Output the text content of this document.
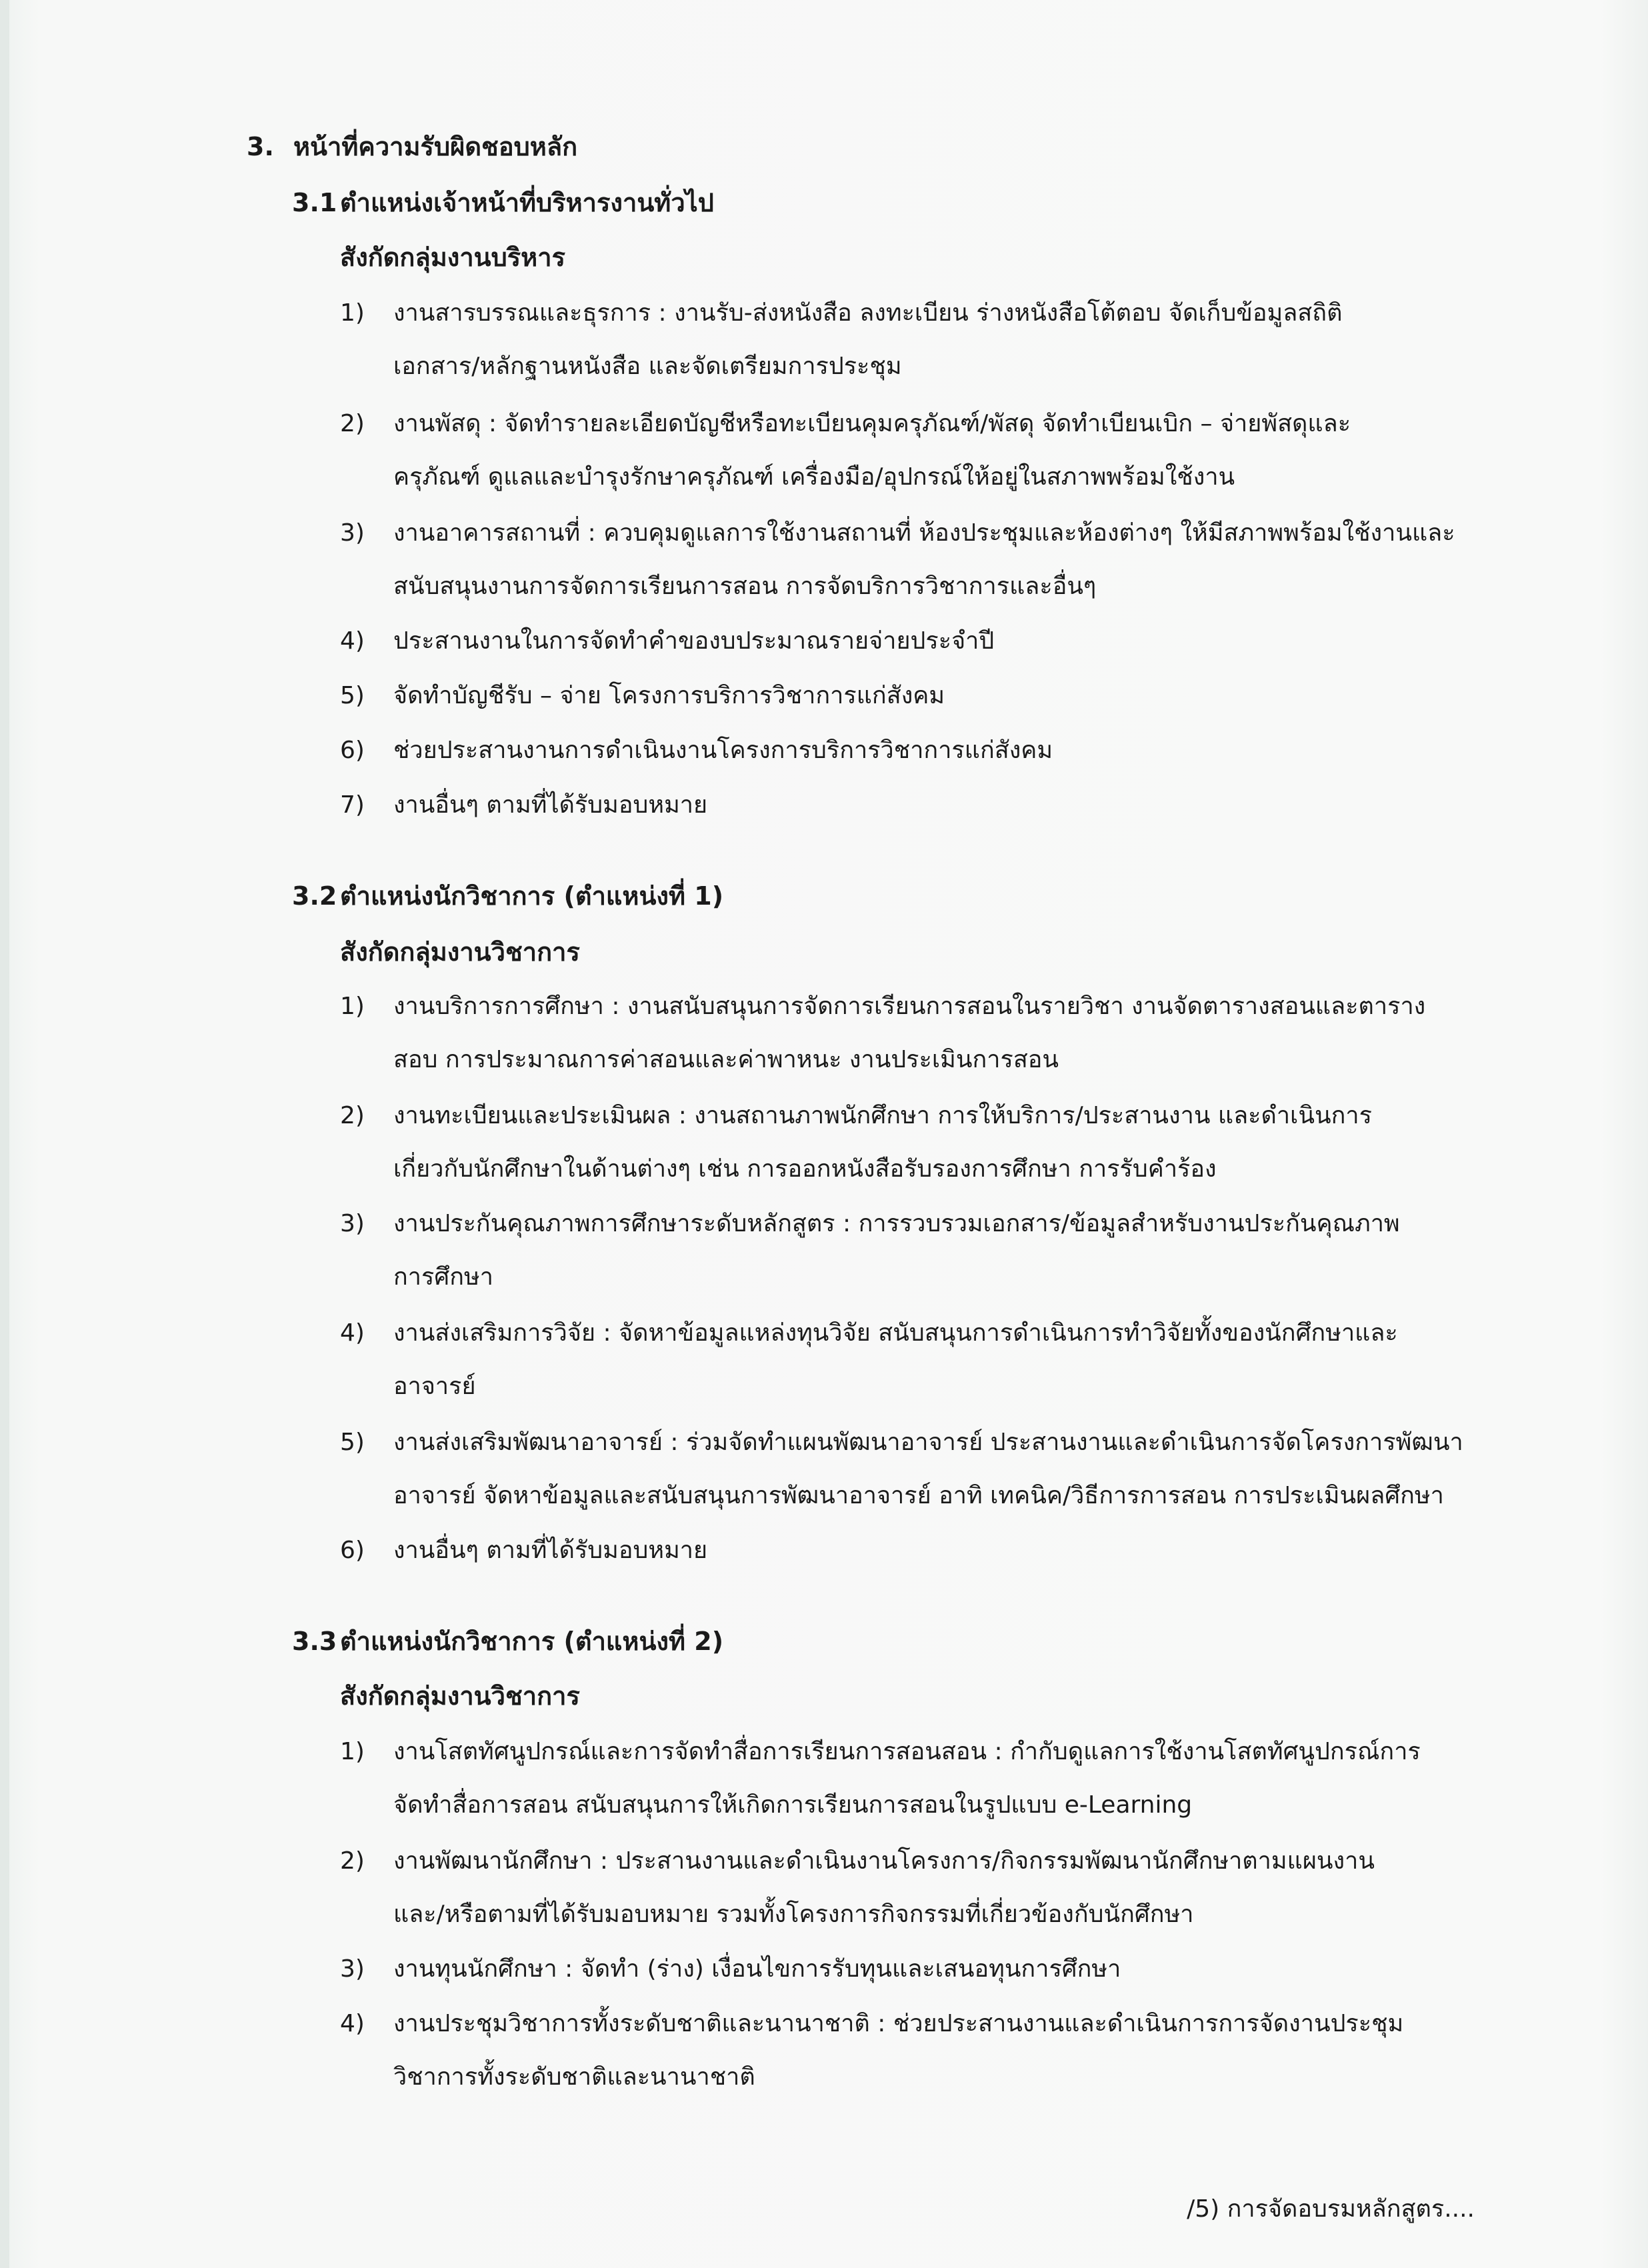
3. หน้าที่ความรับผิดชอบหลัก
3.1 ตำแหน่งเจ้าหน้าที่บริหารงานทั่วไป
สังกัดกลุ่มงานบริหาร
1)	งานสารบรรณและธุรการ : งานรับ-ส่งหนังสือ ลงทะเบียน ร่างหนังสือโต้ตอบ จัดเก็บข้อมูลสถิติ
เอกสาร/หลักฐานหนังสือ และจัดเตรียมการประชุม
2)	งานพัสดุ : จัดทำรายละเอียดบัญชีหรือทะเบียนคุมครุภัณฑ์/พัสดุ จัดทำเบียนเบิก – จ่ายพัสดุและ
ครุภัณฑ์ ดูแลและบำรุงรักษาครุภัณฑ์ เครื่องมือ/อุปกรณ์ให้อยู่ในสภาพพร้อมใช้งาน
3)	งานอาคารสถานที่ : ควบคุมดูแลการใช้งานสถานที่ ห้องประชุมและห้องต่างๆ ให้มีสภาพพร้อมใช้งานและ
สนับสนุนงานการจัดการเรียนการสอน การจัดบริการวิชาการและอื่นๆ
4)	ประสานงานในการจัดทำคำของบประมาณรายจ่ายประจำปี
5)	จัดทำบัญชีรับ – จ่าย โครงการบริการวิชาการแก่สังคม
6)	ช่วยประสานงานการดำเนินงานโครงการบริการวิชาการแก่สังคม
7)	งานอื่นๆ ตามที่ได้รับมอบหมาย
3.2 ตำแหน่งนักวิชาการ (ตำแหน่งที่ 1)
สังกัดกลุ่มงานวิชาการ
1)	งานบริการการศึกษา : งานสนับสนุนการจัดการเรียนการสอนในรายวิชา งานจัดตารางสอนและตาราง
สอบ การประมาณการค่าสอนและค่าพาหนะ งานประเมินการสอน
2)	งานทะเบียนและประเมินผล : งานสถานภาพนักศึกษา การให้บริการ/ประสานงาน และดำเนินการ
เกี่ยวกับนักศึกษาในด้านต่างๆ เช่น การออกหนังสือรับรองการศึกษา การรับคำร้อง
3)	งานประกันคุณภาพการศึกษาระดับหลักสูตร : การรวบรวมเอกสาร/ข้อมูลสำหรับงานประกันคุณภาพ
การศึกษา
4)	งานส่งเสริมการวิจัย : จัดหาข้อมูลแหล่งทุนวิจัย สนับสนุนการดำเนินการทำวิจัยทั้งของนักศึกษาและ
อาจารย์
5)	งานส่งเสริมพัฒนาอาจารย์ : ร่วมจัดทำแผนพัฒนาอาจารย์ ประสานงานและดำเนินการจัดโครงการพัฒนา
อาจารย์ จัดหาข้อมูลและสนับสนุนการพัฒนาอาจารย์ อาทิ เทคนิค/วิธีการการสอน การประเมินผลศึกษา
6)	งานอื่นๆ ตามที่ได้รับมอบหมาย
3.3 ตำแหน่งนักวิชาการ (ตำแหน่งที่ 2)
สังกัดกลุ่มงานวิชาการ
1)	งานโสตทัศนูปกรณ์และการจัดทำสื่อการเรียนการสอนสอน : กำกับดูแลการใช้งานโสตทัศนูปกรณ์การ
จัดทำสื่อการสอน สนับสนุนการให้เกิดการเรียนการสอนในรูปแบบ e-Learning
2)	งานพัฒนานักศึกษา : ประสานงานและดำเนินงานโครงการ/กิจกรรมพัฒนานักศึกษาตามแผนงาน
และ/หรือตามที่ได้รับมอบหมาย รวมทั้งโครงการกิจกรรมที่เกี่ยวข้องกับนักศึกษา
3)	งานทุนนักศึกษา : จัดทำ (ร่าง) เงื่อนไขการรับทุนและเสนอทุนการศึกษา
4)	งานประชุมวิชาการทั้งระดับชาติและนานาชาติ : ช่วยประสานงานและดำเนินการการจัดงานประชุม
วิชาการทั้งระดับชาติและนานาชาติ
/5) การจัดอบรมหลักสูตร....
